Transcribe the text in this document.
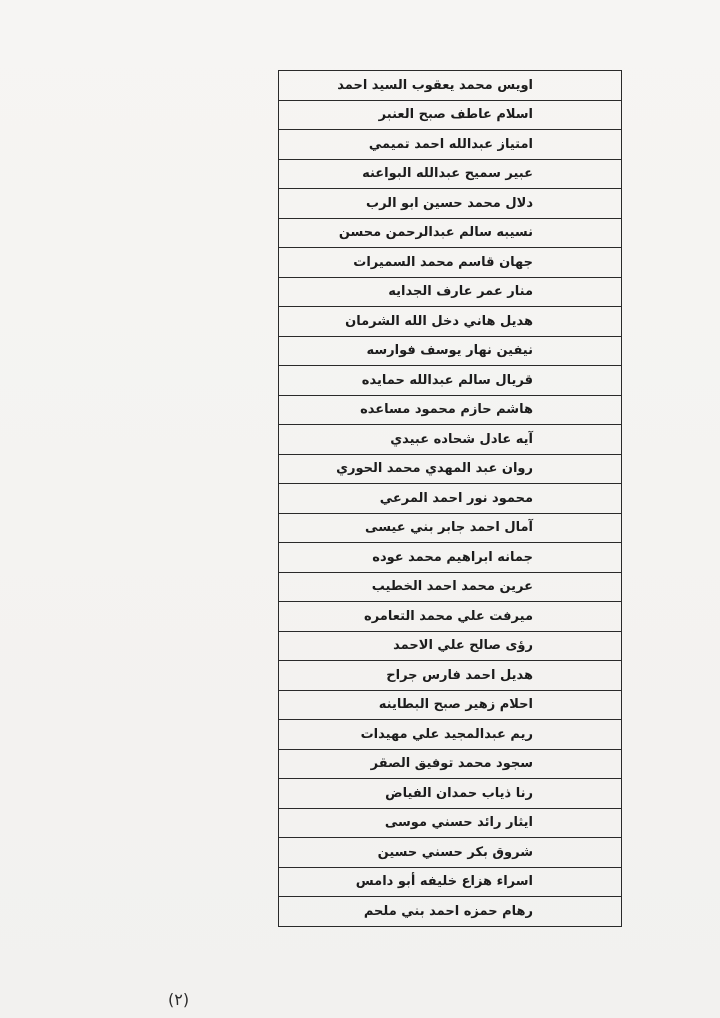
اويس محمد يعقوب السيد احمد
اسلام عاطف صبح العنبر
امتياز عبدالله احمد تميمي
عبير سميح عبدالله البواعنه
دلال محمد حسين ابو الرب
نسيبه سالم عبدالرحمن محسن
جهان قاسم محمد السميرات
منار عمر عارف الجدايه
هديل هاني دخل الله الشرمان
نيفين نهار يوسف فوارسه
قريال سالم عبدالله حمايده
هاشم حازم محمود مساعده
آيه عادل شحاده عبيدي
روان عبد المهدي محمد الحوري
محمود نور احمد المرعي
آمال احمد جابر بني عيسى
جمانه ابراهيم محمد عوده
عرين محمد احمد الخطيب
ميرفت علي محمد التعامره
رؤى صالح علي الاحمد
هديل احمد فارس جراح
احلام زهير صبح البطاينه
ريم عبدالمجيد علي مهيدات
سجود محمد توفيق الصقر
رنا ذياب حمدان الفياض
ايثار رائد حسني موسى
شروق بكر حسني حسين
اسراء هزاع خليفه أبو دامس
رهام حمزه احمد بني ملحم
(٢)
